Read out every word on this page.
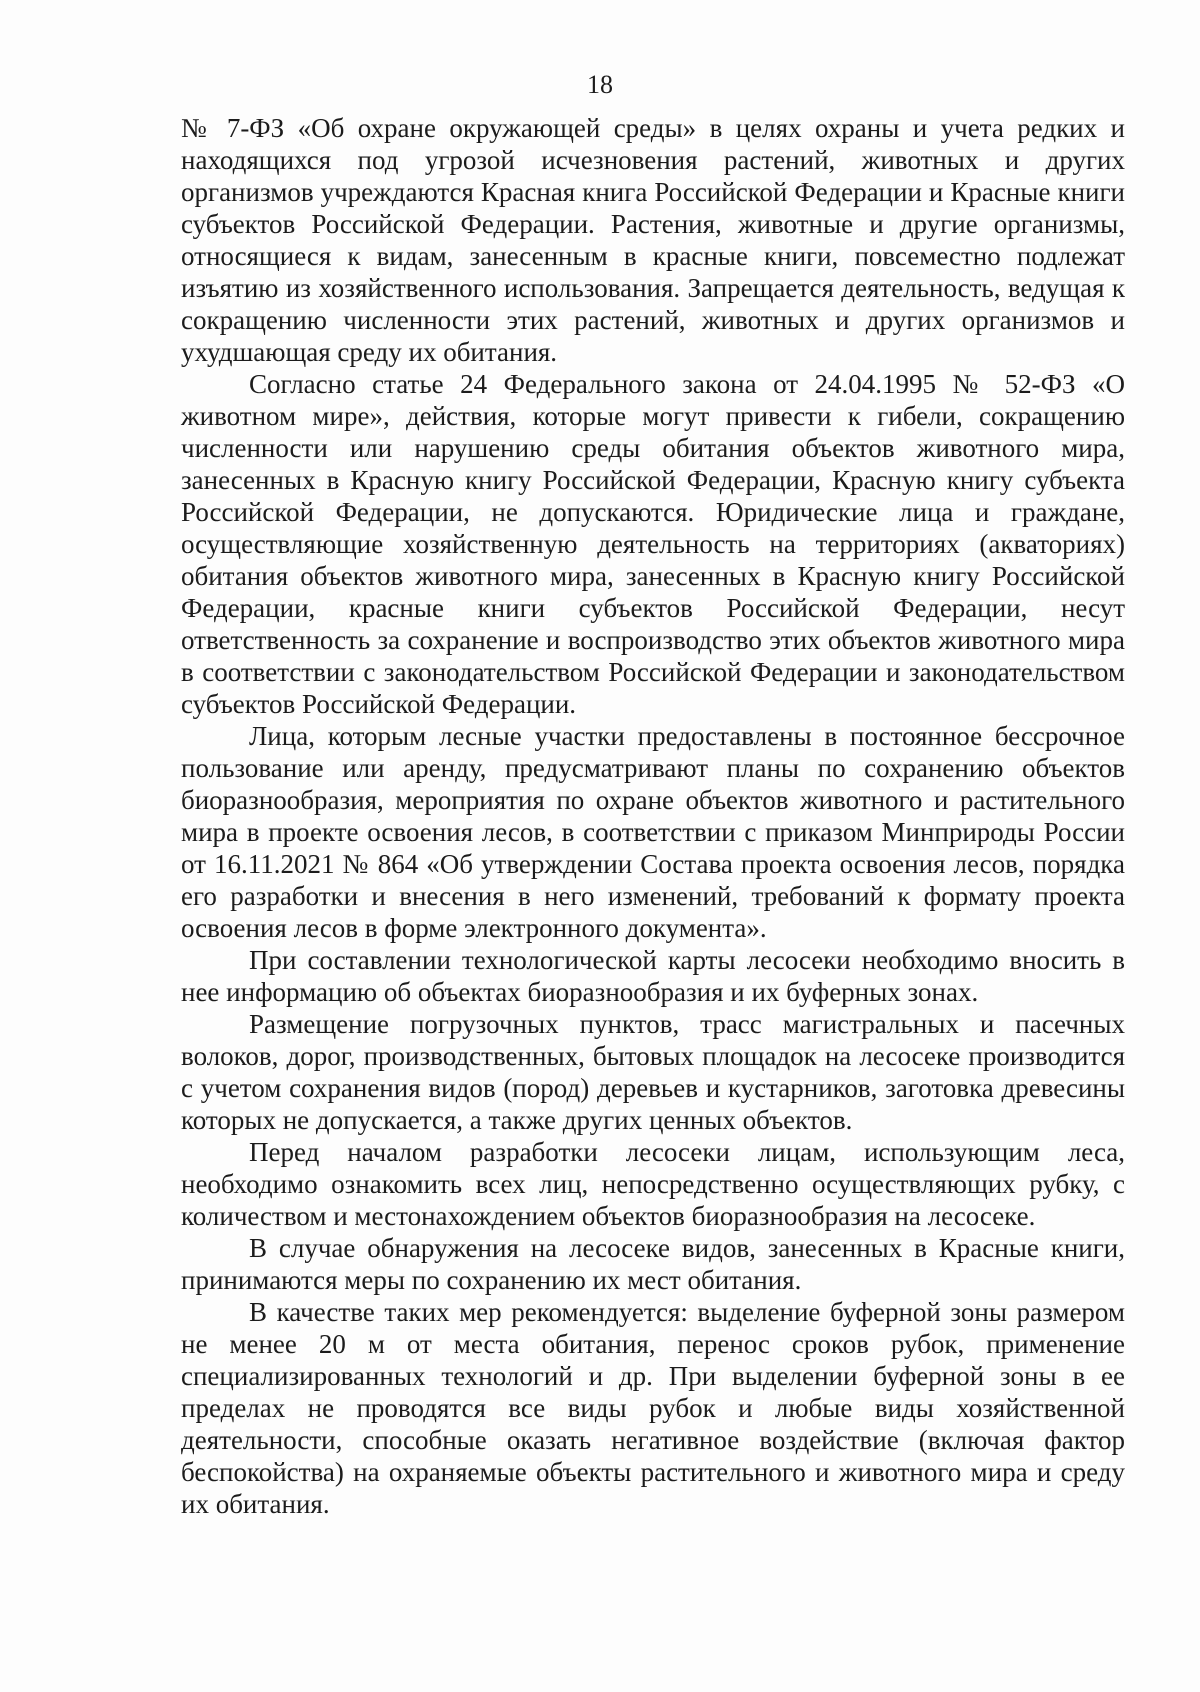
18

№ 7-ФЗ «Об охране окружающей среды» в целях охраны и учета редких и находящихся под угрозой исчезновения растений, животных и других организмов учреждаются Красная книга Российской Федерации и Красные книги субъектов Российской Федерации. Растения, животные и другие организмы, относящиеся к видам, занесенным в красные книги, повсеместно подлежат изъятию из хозяйственного использования. Запрещается деятельность, ведущая к сокращению численности этих растений, животных и других организмов и ухудшающая среду их обитания.

Согласно статье 24 Федерального закона от 24.04.1995 № 52-ФЗ «О животном мире», действия, которые могут привести к гибели, сокращению численности или нарушению среды обитания объектов животного мира, занесенных в Красную книгу Российской Федерации, Красную книгу субъекта Российской Федерации, не допускаются. Юридические лица и граждане, осуществляющие хозяйственную деятельность на территориях (акваториях) обитания объектов животного мира, занесенных в Красную книгу Российской Федерации, красные книги субъектов Российской Федерации, несут ответственность за сохранение и воспроизводство этих объектов животного мира в соответствии с законодательством Российской Федерации и законодательством субъектов Российской Федерации.

Лица, которым лесные участки предоставлены в постоянное бессрочное пользование или аренду, предусматривают планы по сохранению объектов биоразнообразия, мероприятия по охране объектов животного и растительного мира в проекте освоения лесов, в соответствии с приказом Минприроды России от 16.11.2021 № 864 «Об утверждении Состава проекта освоения лесов, порядка его разработки и внесения в него изменений, требований к формату проекта освоения лесов в форме электронного документа».

При составлении технологической карты лесосеки необходимо вносить в нее информацию об объектах биоразнообразия и их буферных зонах.

Размещение погрузочных пунктов, трасс магистральных и пасечных волоков, дорог, производственных, бытовых площадок на лесосеке производится с учетом сохранения видов (пород) деревьев и кустарников, заготовка древесины которых не допускается, а также других ценных объектов.

Перед началом разработки лесосеки лицам, использующим леса, необходимо ознакомить всех лиц, непосредственно осуществляющих рубку, с количеством и местонахождением объектов биоразнообразия на лесосеке.

В случае обнаружения на лесосеке видов, занесенных в Красные книги, принимаются меры по сохранению их мест обитания.

В качестве таких мер рекомендуется: выделение буферной зоны размером не менее 20 м от места обитания, перенос сроков рубок, применение специализированных технологий и др. При выделении буферной зоны в ее пределах не проводятся все виды рубок и любые виды хозяйственной деятельности, способные оказать негативное воздействие (включая фактор беспокойства) на охраняемые объекты растительного и животного мира и среду их обитания.
